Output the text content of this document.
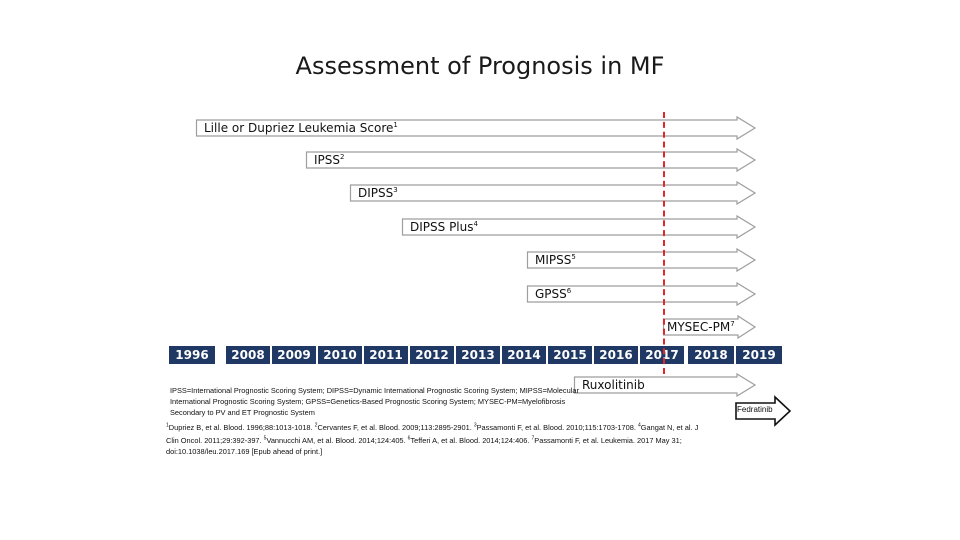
Assessment of Prognosis in MF
Lille or Dupriez Leukemia Score$^1$
IPSS$^2$
DIPSS$^3$
DIPSS Plus$^4$
MIPSS$^5$
GPSS$^6$
MYSEC-$PM^7$
1996	2008	2009	2010	2011	2012	2013	2014	2015	2016	2017	2018	2019
Ruxolitinib
Fedratinib
IPSS=International Prognostic Scoring System; DIPSS=Dynamic International Prognostic Scoring System; MIPSS=Molecular International Prognostic Scoring System; GPSS=Genetics-Based Prognostic Scoring System; MYSEC-PM=Myelofibrosis Secondary to PV and ET Prognostic System
$^1$Dupriez B, et al. Blood. 1996;88:1013-1018. $^2$Cervantes F, et al. Blood. 2009;113:2895-2901. $^3$Passamonti F, et al. Blood. 2010;115:1703-1708. $^4$Gangat N, et al. J Clin Oncol. 2011;29:392-397. $^5$Vannucchi AM, et al. Blood. 2014;124:405. $^6$Tefferi A, et al. Blood. 2014;124:406. $^7$Passamonti F, et al. Leukemia. 2017 May 31; doi:10.1038/leu.2017.169 [Epub ahead of print.]
